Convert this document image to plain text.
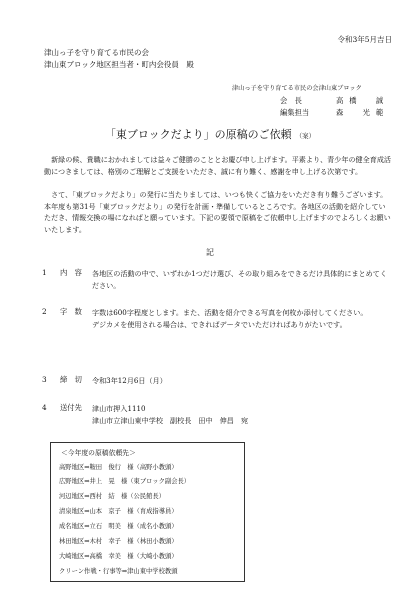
令和3年5月吉日
津山っ子を守り育てる市民の会
津山東ブロック地区担当者・町内会役員　殿
津山っ子を守り育てる市民の会津山東ブロック
会　長	高橋　誠
編集担当	森　光範
「東ブロックだより」の原稿のご依頼 （案）
新緑の候、貴職におかれましては益々ご健勝のこととお慶び申し上げます。平素より、青少年の健全育成活動につきましては、格別のご理解とご支援をいただき、誠に有り難く、感謝を申し上げる次第です。
さて、「東ブロックだより」の発行に当たりましては、いつも快くご協力をいただき有り難うございます。本年度も第31号「東ブロックだより」の発行を計画・準備しているところです。各地区の活動を紹介していただき、情報交換の場になればと願っています。下記の要領で原稿をご依頼申し上げますのでよろしくお願いいたします。
記
1 内　容 各地区の活動の中で、いずれか1つだけ選び、その取り組みをできるだけ具体的にまとめてください。
2 字　数 字数は600字程度とします。また、活動を紹介できる写真を何枚か添付してください。
デジカメを使用される場合は、できればデータでいただければありがたいです。
3 締　切 令和3年12月6日（月）
4 送付先 津山市押入1110
津山市立津山東中学校　副校長　田中　伸昌　宛
＜今年度の原稿依頼先＞
高野地区⇒鞍田　俊行　様（高野小教頭）
広野地区⇒井上　晃　様（東ブロック副会長）
河辺地区⇒西村　結　様（公民館長）
清泉地区⇒山本　京子　様（育成指導員）
成名地区⇒立石　明美　様（成名小教頭）
林田地区⇒木村　幸子　様（林田小教頭）
大崎地区⇒高橋　幸美　様（大崎小教頭）
クリーン作戦・行事等⇒津山東中学校教頭
